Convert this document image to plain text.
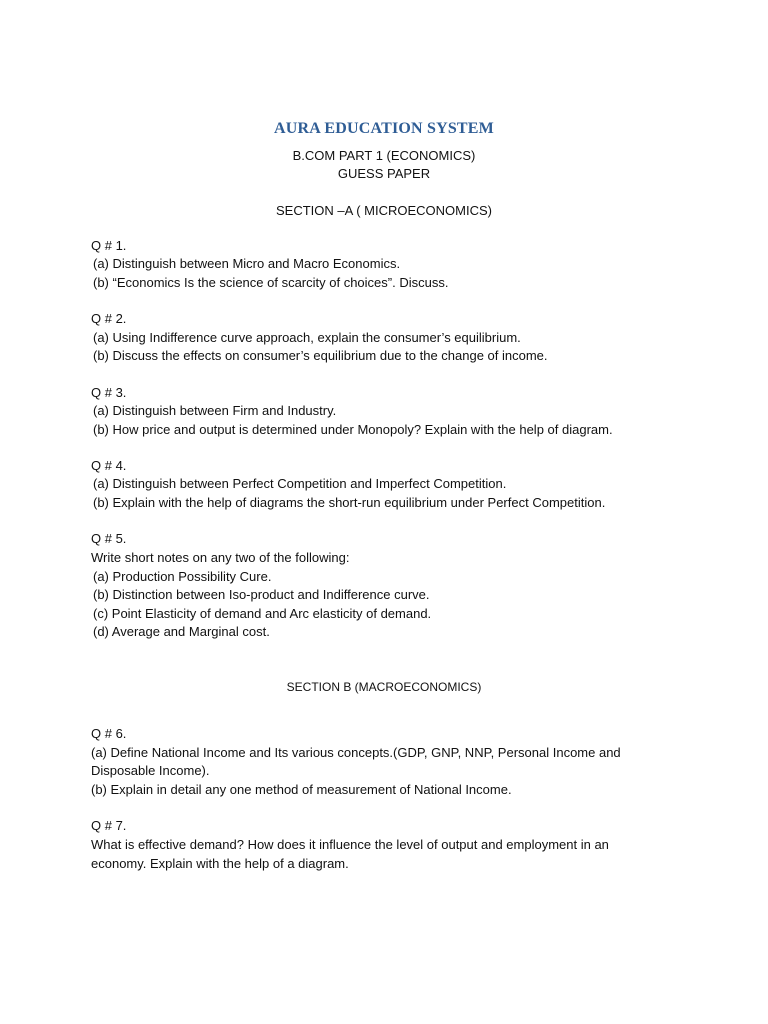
AURA EDUCATION SYSTEM
B.COM PART 1 (ECONOMICS)
GUESS PAPER
SECTION –A ( MICROECONOMICS)
Q # 1.
(a) Distinguish between Micro and Macro Economics.
(b) “Economics Is the science of scarcity of choices”. Discuss.
Q # 2.
(a) Using Indifference curve approach, explain the consumer’s equilibrium.
(b) Discuss the effects on consumer’s equilibrium due to the change of income.
Q # 3.
(a) Distinguish between Firm and Industry.
(b) How price and output is determined under Monopoly? Explain with the help of diagram.
Q # 4.
(a) Distinguish between Perfect Competition and Imperfect Competition.
(b) Explain with the help of diagrams the short-run equilibrium under Perfect Competition.
Q # 5.
Write short notes on any two of the following:
(a) Production Possibility Cure.
(b) Distinction between Iso-product and Indifference curve.
(c) Point Elasticity of demand and Arc elasticity of demand.
(d) Average and Marginal cost.
SECTION B (MACROECONOMICS)
Q # 6.
(a) Define National Income and Its various concepts.(GDP, GNP, NNP, Personal Income and
Disposable Income).
(b) Explain in detail any one method of measurement of National Income.
Q # 7.
What is effective demand? How does it influence the level of output and employment in an
economy. Explain with the help of a diagram.
